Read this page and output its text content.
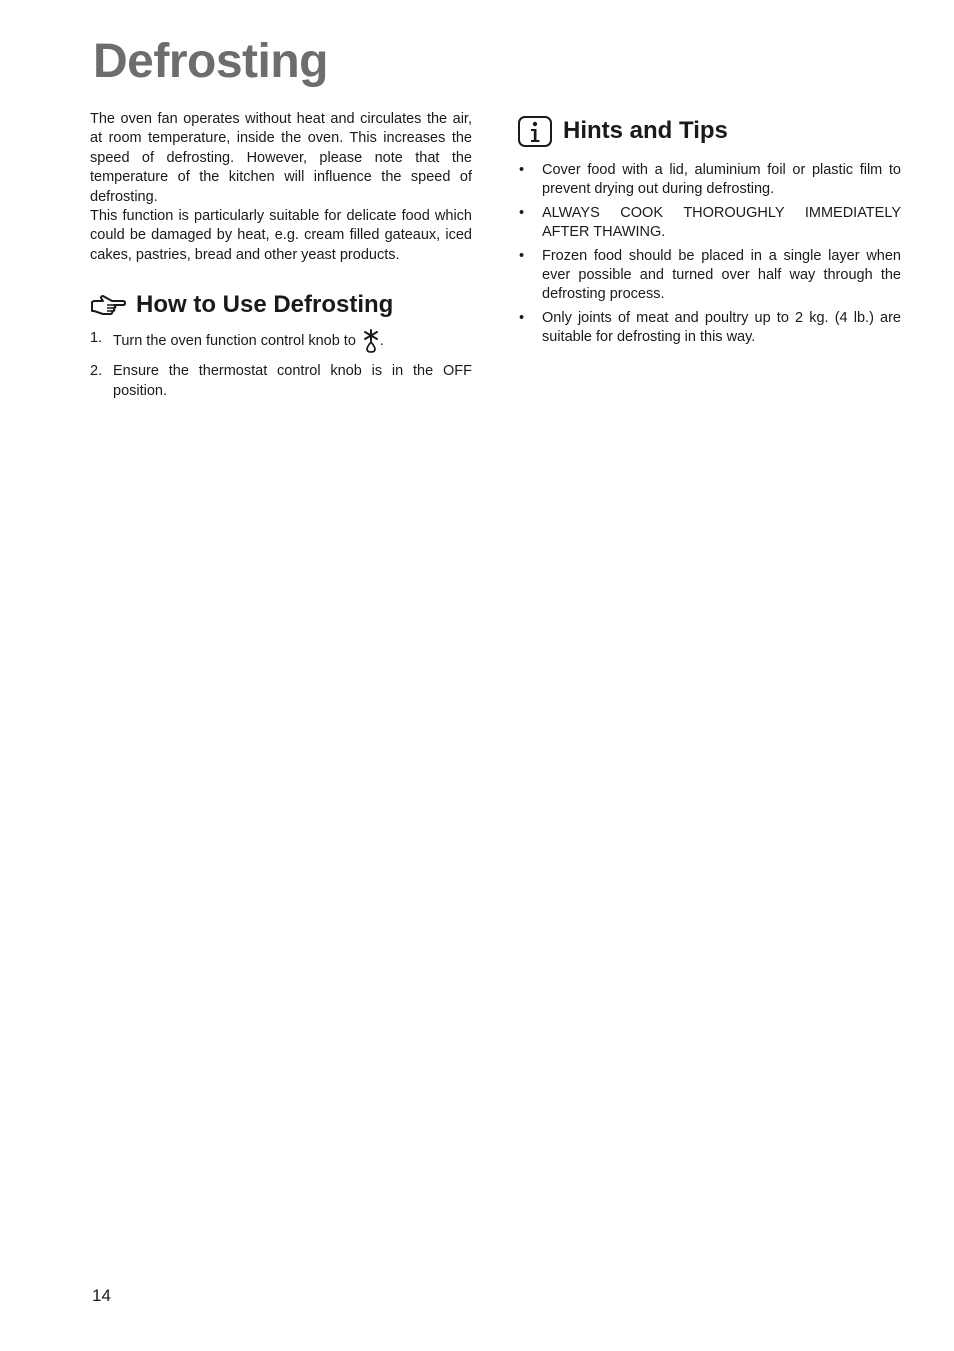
Defrosting

The oven fan operates without heat and circulates the air, at room temperature, inside the oven. This increases the speed of defrosting. However, please note that the temperature of the kitchen will influence the speed of defrosting.

This function is particularly suitable for delicate food which could be damaged by heat, e.g. cream filled gateaux, iced cakes, pastries, bread and other yeast products.

How to Use Defrosting
1. Turn the oven function control knob to .
2. Ensure the thermostat control knob is in the OFF position.
Hints and Tips
•	Cover food with a lid, aluminium foil or plastic film to prevent drying out during defrosting.
•	ALWAYS COOK THOROUGHLY IMMEDIATELY AFTER THAWING.
•	Frozen food should be placed in a single layer when ever possible and turned over half way through the defrosting process.
•	Only joints of meat and poultry up to 2 kg. (4 lb.) are suitable for defrosting in this way.
14
